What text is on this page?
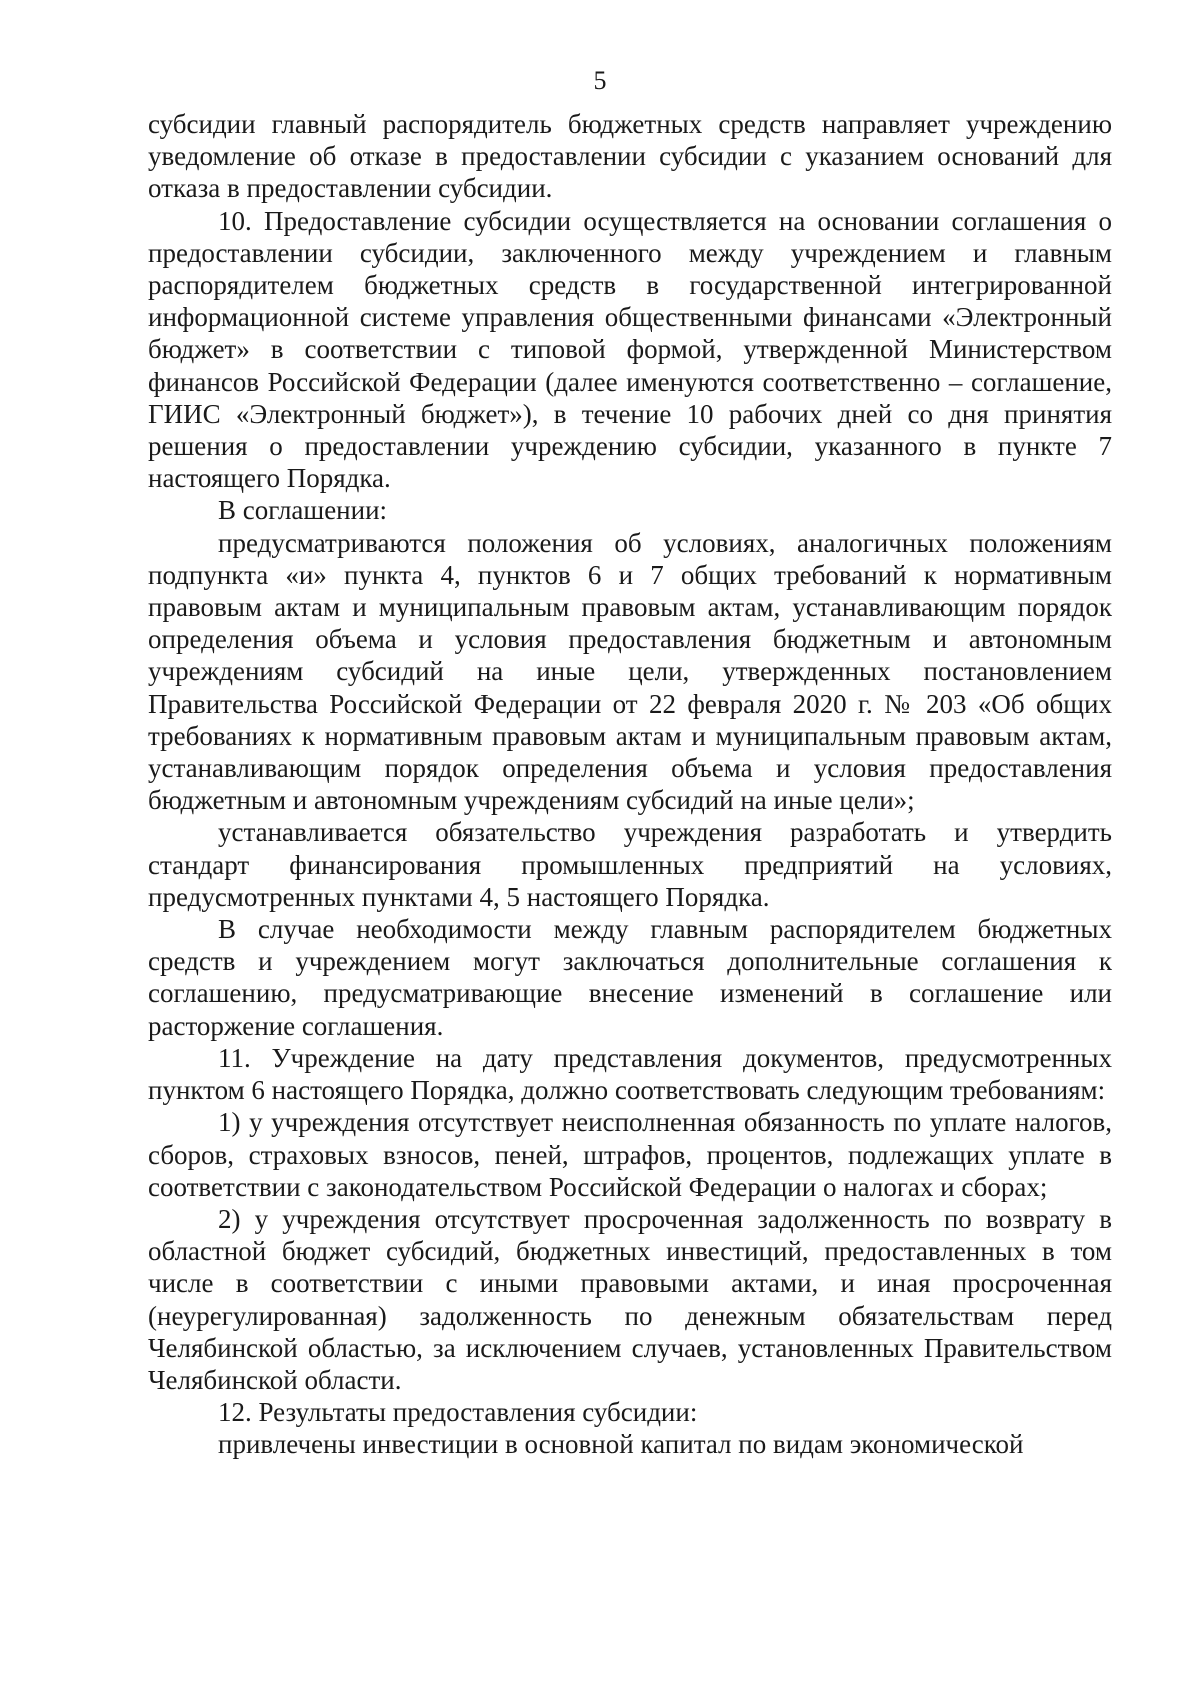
5

субсидии главный распорядитель бюджетных средств направляет учреждению уведомление об отказе в предоставлении субсидии с указанием оснований для отказа в предоставлении субсидии.

10. Предоставление субсидии осуществляется на основании соглашения о предоставлении субсидии, заключенного между учреждением и главным распорядителем бюджетных средств в государственной интегрированной информационной системе управления общественными финансами «Электронный бюджет» в соответствии с типовой формой, утвержденной Министерством финансов Российской Федерации (далее именуются соответственно – соглашение, ГИИС «Электронный бюджет»), в течение 10 рабочих дней со дня принятия решения о предоставлении учреждению субсидии, указанного в пункте 7 настоящего Порядка.

В соглашении:

предусматриваются положения об условиях, аналогичных положениям подпункта «и» пункта 4, пунктов 6 и 7 общих требований к нормативным правовым актам и муниципальным правовым актам, устанавливающим порядок определения объема и условия предоставления бюджетным и автономным учреждениям субсидий на иные цели, утвержденных постановлением Правительства Российской Федерации от 22 февраля 2020 г. № 203 «Об общих требованиях к нормативным правовым актам и муниципальным правовым актам, устанавливающим порядок определения объема и условия предоставления бюджетным и автономным учреждениям субсидий на иные цели»;

устанавливается обязательство учреждения разработать и утвердить стандарт финансирования промышленных предприятий на условиях, предусмотренных пунктами 4, 5 настоящего Порядка.

В случае необходимости между главным распорядителем бюджетных средств и учреждением могут заключаться дополнительные соглашения к соглашению, предусматривающие внесение изменений в соглашение или расторжение соглашения.

11. Учреждение на дату представления документов, предусмотренных пунктом 6 настоящего Порядка, должно соответствовать следующим требованиям:

1) у учреждения отсутствует неисполненная обязанность по уплате налогов, сборов, страховых взносов, пеней, штрафов, процентов, подлежащих уплате в соответствии с законодательством Российской Федерации о налогах и сборах;

2) у учреждения отсутствует просроченная задолженность по возврату в областной бюджет субсидий, бюджетных инвестиций, предоставленных в том числе в соответствии с иными правовыми актами, и иная просроченная (неурегулированная) задолженность по денежным обязательствам перед Челябинской областью, за исключением случаев, установленных Правительством Челябинской области.

12. Результаты предоставления субсидии:

привлечены инвестиции в основной капитал по видам экономической
